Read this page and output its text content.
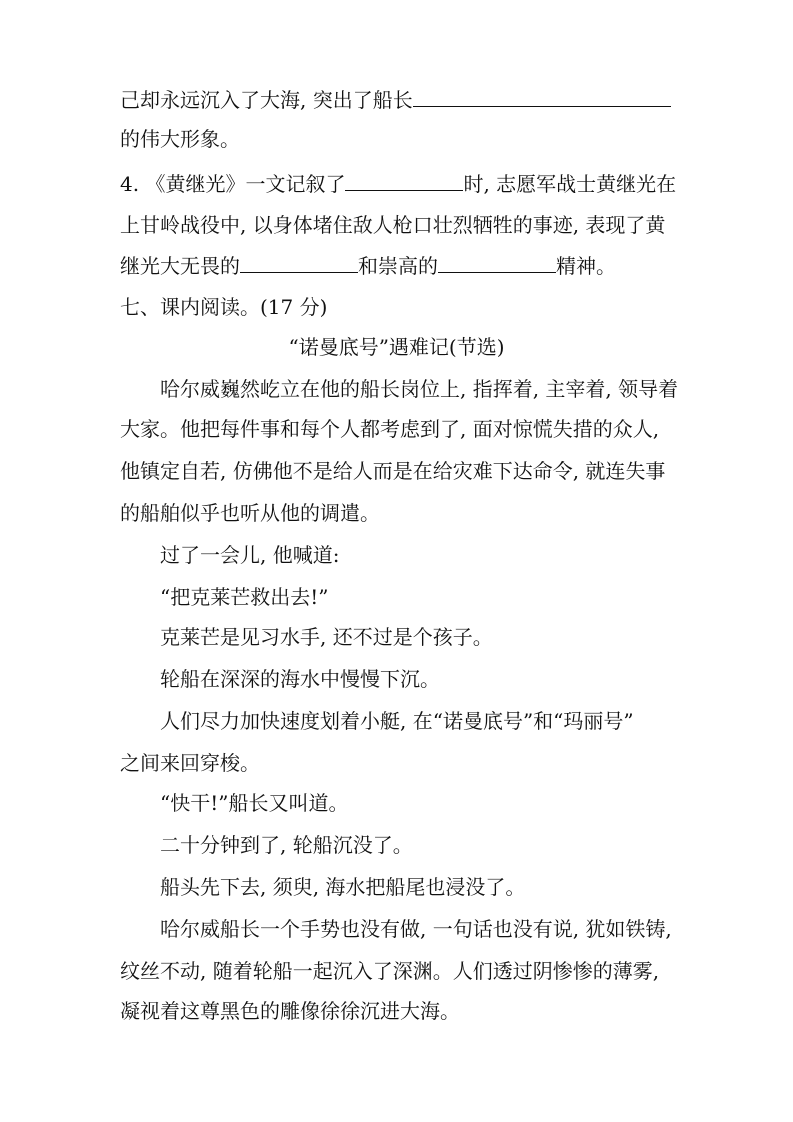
己却永远沉入了大海, 突出了船长
的伟大形象。
4. 《黄继光》一文记叙了	时, 志愿军战士黄继光在
上甘岭战役中, 以身体堵住敌人枪口壮烈牺牲的事迹, 表现了黄
继光大无畏的	和崇高的	精神。
七、课内阅读。(17 分)
“诺曼底号”遇难记(节选)
哈尔威巍然屹立在他的船长岗位上, 指挥着, 主宰着, 领导着
大家。他把每件事和每个人都考虑到了, 面对惊慌失措的众人,
他镇定自若, 仿佛他不是给人而是在给灾难下达命令, 就连失事
的船舶似乎也听从他的调遣。
过了一会儿, 他喊道:
“把克莱芒救出去!”
克莱芒是见习水手, 还不过是个孩子。
轮船在深深的海水中慢慢下沉。
人们尽力加快速度划着小艇, 在“诺曼底号”和“玛丽号”
之间来回穿梭。
“快干!”船长又叫道。
二十分钟到了, 轮船沉没了。
船头先下去, 须臾, 海水把船尾也浸没了。
哈尔威船长一个手势也没有做, 一句话也没有说, 犹如铁铸,
纹丝不动, 随着轮船一起沉入了深渊。人们透过阴惨惨的薄雾,
凝视着这尊黑色的雕像徐徐沉进大海。
